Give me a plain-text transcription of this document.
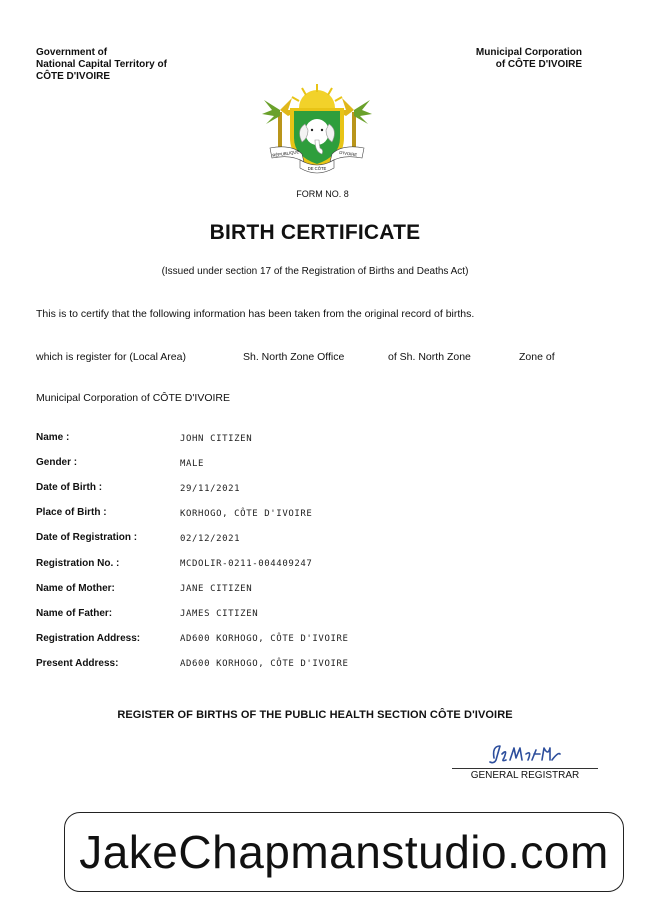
Government of
National Capital Territory of
CÔTE D'IVOIRE
Municipal Corporation
of CÔTE D'IVOIRE
RÉPUBLIQUE	D'IVOIRE
DE CÔTE
FORM NO. 8
BIRTH CERTIFICATE
(Issued under section 17 of the Registration of Births and Deaths Act)
This is to certify that the following information has been taken from the original record of births.
which is register for (Local Area)	Sh. North Zone Office	of Sh. North Zone	Zone of
Municipal Corporation of CÔTE D'IVOIRE
Name :	JOHN CITIZEN
Gender :	MALE
Date of Birth :	29/11/2021
Place of Birth :	KORHOGO, CÔTE D'IVOIRE
Date of Registration :	02/12/2021
Registration No. :	MCDOLIR-0211-004409247
Name of Mother:	JANE CITIZEN
Name of Father:	JAMES CITIZEN
Registration Address:	AD600 KORHOGO, CÔTE D'IVOIRE
Present Address:	AD600 KORHOGO, CÔTE D'IVOIRE
REGISTER OF BIRTHS OF THE PUBLIC HEALTH SECTION CÔTE D'IVOIRE
GENERAL REGISTRAR
JakeChapmanstudio.com
